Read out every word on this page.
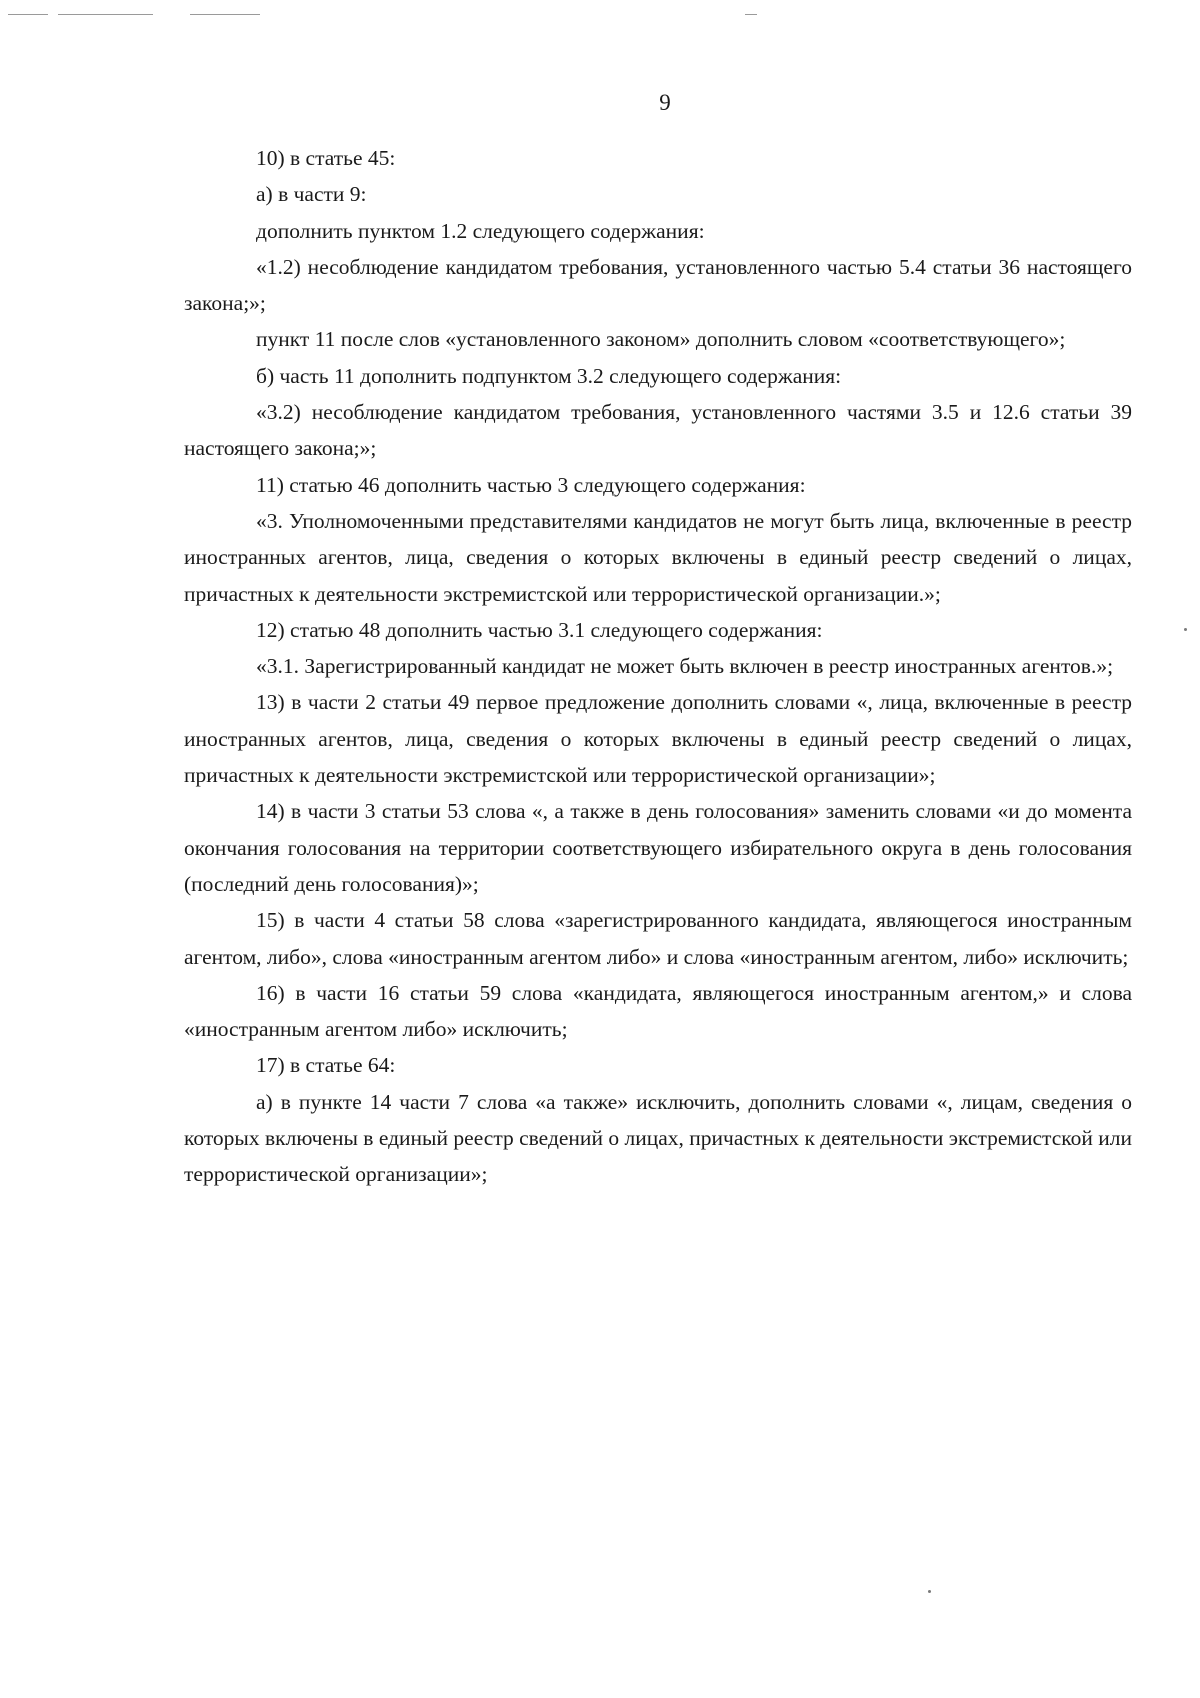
9

10) в статье 45:

а) в части 9:

дополнить пунктом 1.2 следующего содержания:

«1.2) несоблюдение кандидатом требования, установленного частью 5.4 статьи 36 настоящего закона;»;

пункт 11 после слов «установленного законом» дополнить словом «соответствующего»;

б) часть 11 дополнить подпунктом 3.2 следующего содержания:

«3.2) несоблюдение кандидатом требования, установленного частями 3.5 и 12.6 статьи 39 настоящего закона;»;

11) статью 46 дополнить частью 3 следующего содержания:

«3. Уполномоченными представителями кандидатов не могут быть лица, включенные в реестр иностранных агентов, лица, сведения о которых включены в единый реестр сведений о лицах, причастных к деятельности экстремистской или террористической организации.»;

12) статью 48 дополнить частью 3.1 следующего содержания:

«3.1. Зарегистрированный кандидат не может быть включен в реестр иностранных агентов.»;

13) в части 2 статьи 49 первое предложение дополнить словами «, лица, включенные в реестр иностранных агентов, лица, сведения о которых включены в единый реестр сведений о лицах, причастных к деятельности экстремистской или террористической организации»;

14) в части 3 статьи 53 слова «, а также в день голосования» заменить словами «и до момента окончания голосования на территории соответствующего избирательного округа в день голосования (последний день голосования)»;

15) в части 4 статьи 58 слова «зарегистрированного кандидата, являющегося иностранным агентом, либо», слова «иностранным агентом либо» и слова «иностранным агентом, либо» исключить;

16) в части 16 статьи 59 слова «кандидата, являющегося иностранным агентом,» и слова «иностранным агентом либо» исключить;

17) в статье 64:

а) в пункте 14 части 7 слова «а также» исключить, дополнить словами «, лицам, сведения о которых включены в единый реестр сведений о лицах, причастных к деятельности экстремистской или террористической организации»;
